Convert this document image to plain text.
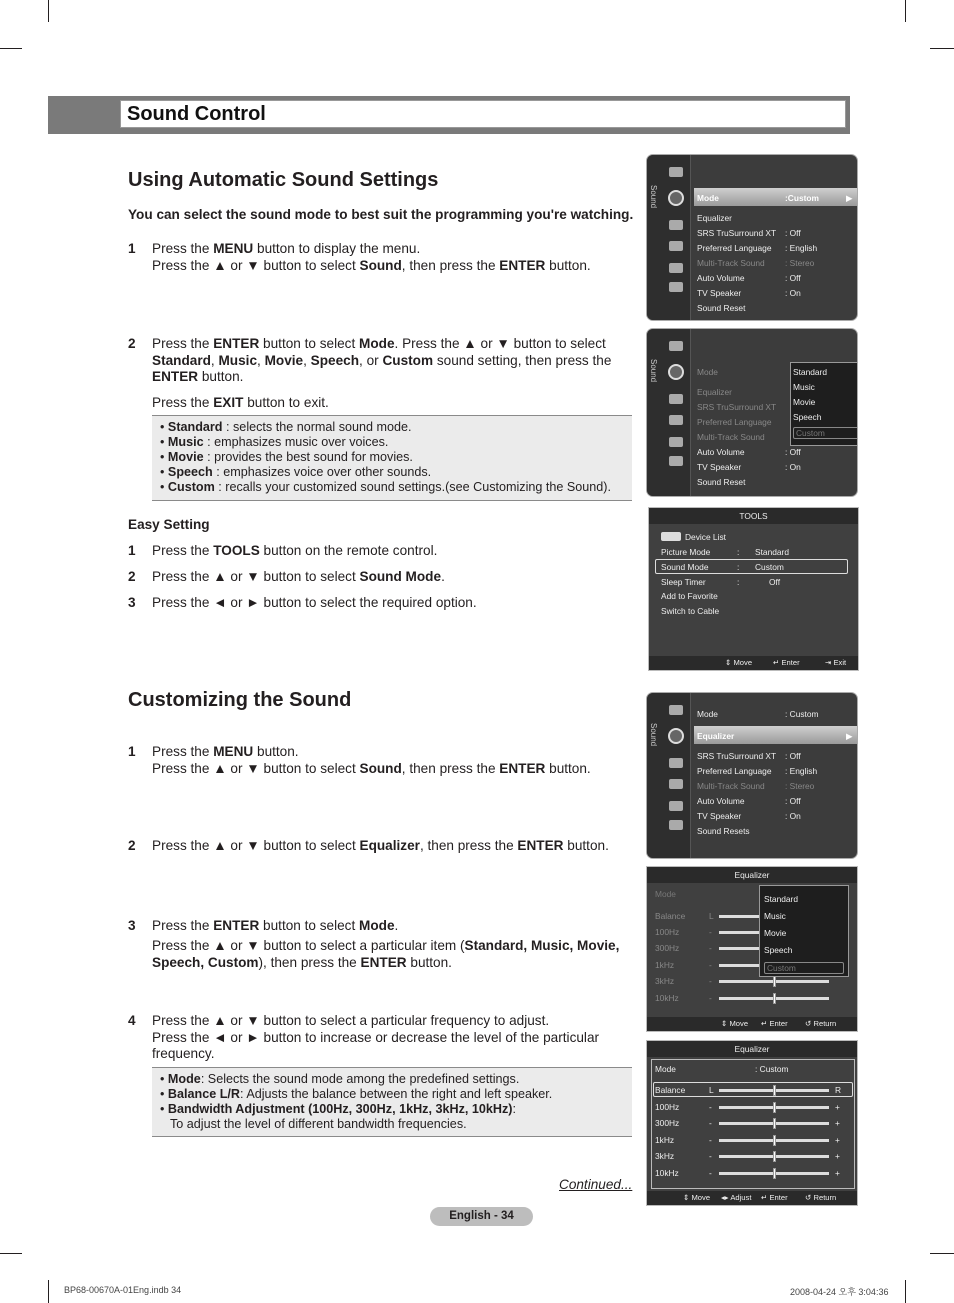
Sound Control
Using Automatic Sound Settings
You can select the sound mode to best suit the programming you're watching.
1 Press the MENU button to display the menu.
Press the ▲ or ▼ button to select Sound, then press the ENTER button.
2 Press the ENTER button to select Mode. Press the ▲ or ▼ button to select Standard, Music, Movie, Speech, or Custom sound setting, then press the ENTER button.
Press the EXIT button to exit.
• Standard : selects the normal sound mode.
• Music : emphasizes music over voices.
• Movie : provides the best sound for movies.
• Speech : emphasizes voice over other sounds.
• Custom : recalls your customized sound settings.(see Customizing the Sound).
Easy Setting
1 Press the TOOLS button on the remote control.
2 Press the ▲ or ▼ button to select Sound Mode.
3 Press the ◄ or ► button to select the required option.
Customizing the Sound
1 Press the MENU button.
Press the ▲ or ▼ button to select Sound, then press the ENTER button.
2 Press the ▲ or ▼ button to select Equalizer, then press the ENTER button.
3 Press the ENTER button to select Mode.
Press the ▲ or ▼ button to select a particular item (Standard, Music, Movie, Speech, Custom), then press the ENTER button.
4 Press the ▲ or ▼ button to select a particular frequency to adjust.
Press the ◄ or ► button to increase or decrease the level of the particular frequency.
• Mode: Selects the sound mode among the predefined settings.
• Balance L/R: Adjusts the balance between the right and left speaker.
• Bandwidth Adjustment (100Hz, 300Hz, 1kHz, 3kHz, 10kHz):
To adjust the level of different bandwidth frequencies.
Continued...
Sound	Mode	:Custom	▶
Equalizer
SRS TruSurround XT : Off
Preferred Language : English
Multi-Track Sound : Stereo
Auto Volume	: Off
TV Speaker	: On
Sound Reset
Sound	Mode
Equalizer
SRS TruSurround XT
Preferred Language
Multi-Track Sound
Auto Volume	: Off
TV Speaker	: On
Sound Reset
Standard
Music
Movie
Speech
Custom
TOOLS
Device List
Picture Mode	: Standard
Sound Mode	: Custom
Sleep Timer	:	Off
Add to Favorite
Switch to Cable
⇕ Move	↵ Enter	⇥ Exit
Sound
Mode	: Custom
Equalizer	▶
SRS TruSurround XT : Off
Preferred Language : English
Multi-Track Sound : Stereo
Auto Volume	: Off
TV Speaker	: On
Sound Resets
Equalizer
Mode
Balance	L
100Hz	-
300Hz	-
1kHz	-
3kHz	-
10kHz	-
Standard
Music
Movie
Speech
Custom
⇕ Move ↵ Enter ↺ Return
Equalizer
Mode	: Custom
Balance	L	R
100Hz	-	+
300Hz	-	+
1kHz	-	+
3kHz	-	+
10kHz	-	+
⇕ Move ◂▸ Adjust ↵ Enter ↺ Return
English - 34
BP68-00670A-01Eng.indb 34	2008-04-24 오후 3:04:36
